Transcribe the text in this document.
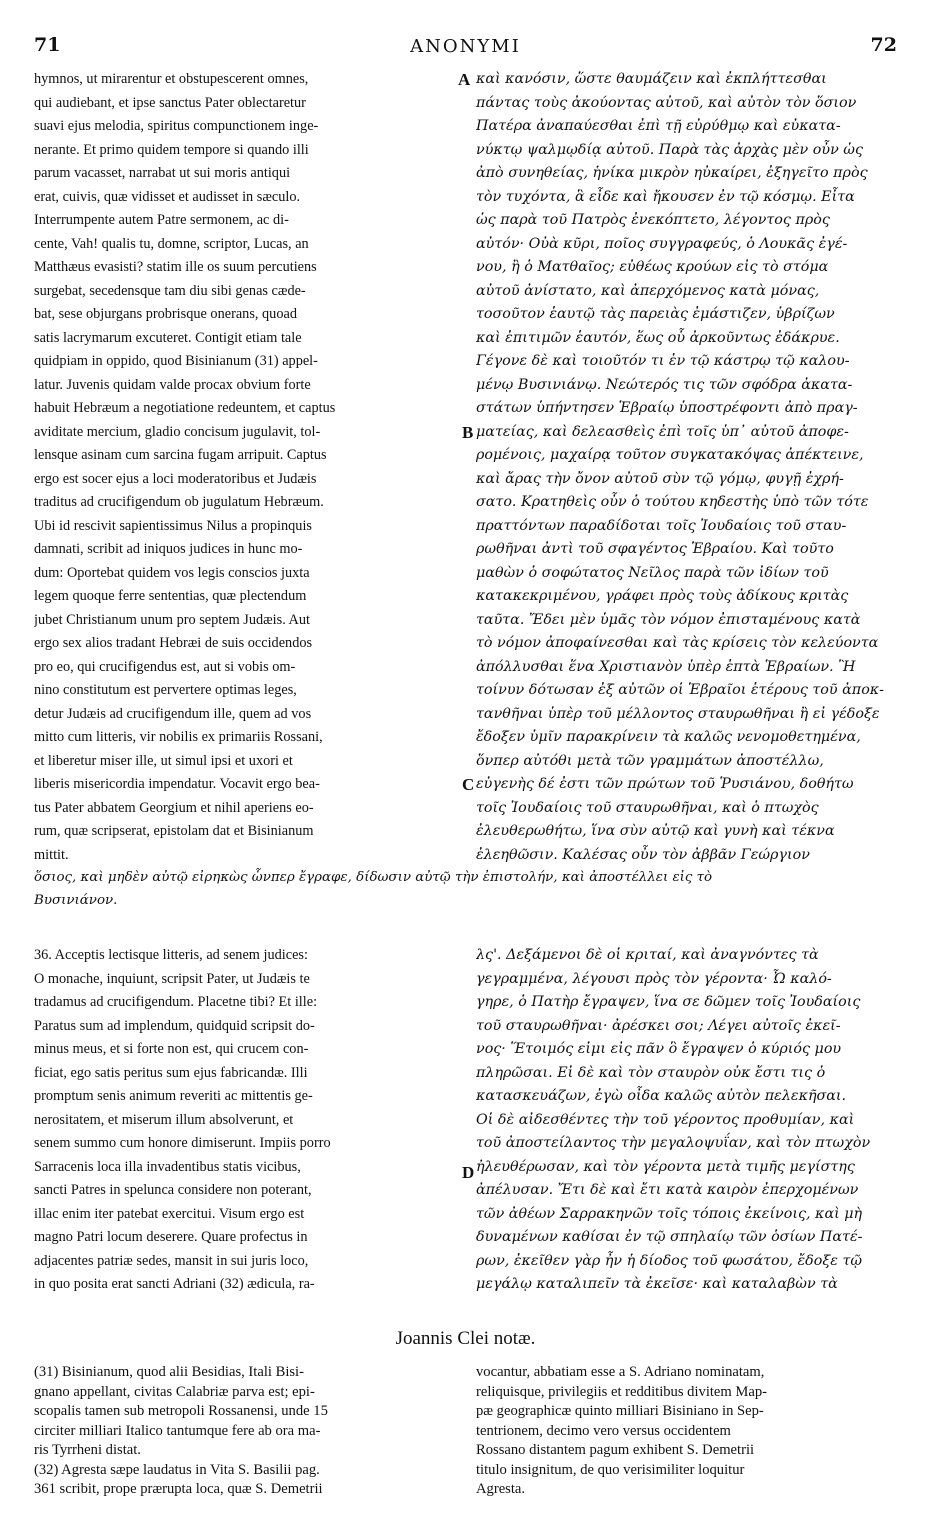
71	ANONYMI	72
hymnos, ut mirarentur et obstupescerent omnes,
qui audiebant, et ipse sanctus Pater oblectaretur
suavi ejus melodia, spiritus compunctionem inge-
nerante. Et primo quidem tempore si quando illi
parum vacasset, narrabat ut sui moris antiqui
erat, cuivis, quæ vidisset et audisset in sæculo.
Interrumpente autem Patre sermonem, ac di-
cente, Vah! qualis tu, domne, scriptor, Lucas, an
Matthæus evasisti? statim ille os suum percutiens
surgebat, secedensque tam diu sibi genas cæde-
bat, sese objurgans probrisque onerans, quoad
satis lacrymarum excuteret. Contigit etiam tale
quidpiam in oppido, quod Bisinianum (31) appel-
latur. Juvenis quidam valde procax obvium forte
habuit Hebræum a negotiatione redeuntem, et captus
aviditate mercium, gladio concisum jugulavit, tol-
lensque asinam cum sarcina fugam arripuit. Captus
ergo est socer ejus a loci moderatoribus et Judæis
traditus ad crucifigendum ob jugulatum Hebræum.
Ubi id rescivit sapientissimus Nilus a propinquis
damnati, scribit ad iniquos judices in hunc mo-
dum: Oportebat quidem vos legis conscios juxta
legem quoque ferre sententias, quæ plectendum
jubet Christianum unum pro septem Judæis. Aut
ergo sex alios tradant Hebræi de suis occidendos
pro eo, qui crucifigendus est, aut si vobis om-
nino constitutum est pervertere optimas leges,
detur Judæis ad crucifigendum ille, quem ad vos
mitto cum litteris, vir nobilis ex primariis Rossani,
et liberetur miser ille, ut simul ipsi et uxori et
liberis misericordia impendatur. Vocavit ergo bea-
tus Pater abbatem Georgium et nihil aperiens eo-
rum, quæ scripserat, epistolam dat et Bisinianum
mittit.
καὶ κανόσιν, ὥστε θαυμάζειν καὶ ἐκπλήττεσθαι
πάντας τοὺς ἀκούοντας αὐτοῦ, καὶ αὐτὸν τὸν ὅσιον
Πατέρα ἀναπαύεσθαι ἐπὶ τῇ εὐρύθμῳ καὶ εὐκατα-
νύκτῳ ψαλμῳδίᾳ αὐτοῦ. Παρὰ τὰς ἀρχὰς μὲν οὖν ὡς
ἀπὸ συνηθείας, ἡνίκα μικρὸν ηὐκαίρει, ἐξηγεῖτο πρὸς
τὸν τυχόντα, ἃ εἶδε καὶ ἤκουσεν ἐν τῷ κόσμῳ. Εἶτα
ὡς παρὰ τοῦ Πατρὸς ἐνεκόπτετο, λέγοντος πρὸς
αὐτόν· Οὐὰ κῦρι, ποῖος συγγραφεύς, ὁ Λουκᾶς ἐγέ-
νου, ἢ ὁ Ματθαῖος; εὐθέως κρούων εἰς τὸ στόμα
αὐτοῦ ἀνίστατο, καὶ ἀπερχόμενος κατὰ μόνας,
τοσοῦτον ἑαυτῷ τὰς παρειὰς ἐμάστιζεν, ὑβρίζων
καὶ ἐπιτιμῶν ἑαυτόν, ἕως οὗ ἀρκοῦντως ἐδάκρυε.
Γέγονε δὲ καὶ τοιοῦτόν τι ἐν τῷ κάστρῳ τῷ καλου-
μένῳ Βυσινιάνῳ. Νεώτερός τις τῶν σφόδρα ἀκατα-
στάτων ὑπήντησεν Ἑβραίῳ ὑποστρέφοντι ἀπὸ πραγ-
ματείας, καὶ δελεασθεὶς ἐπὶ τοῖς ὑπ᾽ αὐτοῦ ἀποφε-
ρομένοις, μαχαίρᾳ τοῦτον συγκατακόψας ἀπέκτεινε,
καὶ ἄρας τὴν ὄνον αὐτοῦ σὺν τῷ γόμῳ, φυγῇ ἐχρή-
σατο. Κρατηθεὶς οὖν ὁ τούτου κηδεστὴς ὑπὸ τῶν τότε
πραττόντων παραδίδοται τοῖς Ἰουδαίοις τοῦ σταυ-
ρωθῆναι ἀντὶ τοῦ σφαγέντος Ἑβραίου. Καὶ τοῦτο
μαθὼν ὁ σοφώτατος Νεῖλος παρὰ τῶν ἰδίων τοῦ
κατακεκριμένου, γράφει πρὸς τοὺς ἀδίκους κριτὰς
ταῦτα. Ἔδει μὲν ὑμᾶς τὸν νόμον ἐπισταμένους κατὰ
τὸ νόμον ἀποφαίνεσθαι καὶ τὰς κρίσεις τὸν κελεύοντα
ἀπόλλυσθαι ἕνα Χριστιανὸν ὑπὲρ ἑπτὰ Ἑβραίων. Ἢ
τοίνυν δότωσαν ἐξ αὐτῶν οἱ Ἑβραῖοι ἑτέρους τοῦ ἀποκ-
τανθῆναι ὑπὲρ τοῦ μέλλοντος σταυρωθῆναι ἢ εἰ γέδοξε
ἔδοξεν ὑμῖν παρακρίνειν τὰ καλῶς νενομοθετημένα,
ὅνπερ αὐτόθι μετὰ τῶν γραμμάτων ἀποστέλλω,
εὐγενὴς δέ ἐστι τῶν πρώτων τοῦ Ῥυσιάνου, δοθήτω
τοῖς Ἰουδαίοις τοῦ σταυρωθῆναι, καὶ ὁ πτωχὸς
ἐλευθερωθήτω, ἵνα σὺν αὐτῷ καὶ γυνὴ καὶ τέκνα
ἐλεηθῶσιν. Καλέσας οὖν τὸν ἀββᾶν Γεώργιον
A
B
C
D
ὅσιος, καὶ μηδὲν αὐτῷ εἰρηκὼς ὧνπερ ἔγραφε, δίδωσιν αὐτῷ τὴν ἐπιστολήν, καὶ ἀποστέλλει εἰς τὸ
Βυσινιάνον.
36. Acceptis lectisque litteris, ad senem judices:
O monache, inquiunt, scripsit Pater, ut Judæis te
tradamus ad crucifigendum. Placetne tibi? Et ille:
Paratus sum ad implendum, quidquid scripsit do-
minus meus, et si forte non est, qui crucem con-
ficiat, ego satis peritus sum ejus fabricandæ. Illi
promptum senis animum reveriti ac mittentis ge-
nerositatem, et miserum illum absolverunt, et
senem summo cum honore dimiserunt. Impiis porro
Sarracenis loca illa invadentibus statis vicibus,
sancti Patres in spelunca considere non poterant,
illac enim iter patebat exercitui. Visum ergo est
magno Patri locum deserere. Quare profectus in
adjacentes patriæ sedes, mansit in sui juris loco,
in quo posita erat sancti Adriani (32) ædicula, ra-
λς'. Δεξάμενοι δὲ οἱ κριταί, καὶ ἀναγνόντες τὰ
γεγραμμένα, λέγουσι πρὸς τὸν γέροντα· Ὦ καλό-
γηρε, ὁ Πατὴρ ἔγραψεν, ἵνα σε δῶμεν τοῖς Ἰουδαίοις
τοῦ σταυρωθῆναι· ἀρέσκει σοι; Λέγει αὐτοῖς ἐκεῖ-
νος· Ἕτοιμός εἰμι εἰς πᾶν ὃ ἔγραψεν ὁ κύριός μου
πληρῶσαι. Εἰ δὲ καὶ τὸν σταυρὸν οὐκ ἔστι τις ὁ
κατασκευάζων, ἐγὼ οἶδα καλῶς αὐτὸν πελεκῆσαι.
Οἱ δὲ αἰδεσθέντες τὴν τοῦ γέροντος προθυμίαν, καὶ
τοῦ ἀποστείλαντος τὴν μεγαλοψυΐαν, καὶ τὸν πτωχὸν
ἠλευθέρωσαν, καὶ τὸν γέροντα μετὰ τιμῆς μεγίστης
ἀπέλυσαν. Ἔτι δὲ καὶ ἔτι κατὰ καιρὸν ἐπερχομένων
τῶν ἀθέων Σαρρακηνῶν τοῖς τόποις ἐκείνοις, καὶ μὴ
δυναμένων καθίσαι ἐν τῷ σπηλαίῳ τῶν ὁσίων Πατέ-
ρων, ἐκεῖθεν γὰρ ἦν ἡ δίοδος τοῦ φωσάτου, ἔδοξε τῷ
μεγάλῳ καταλιπεῖν τὰ ἐκεῖσε· καὶ καταλαβὼν τὰ
Joannis Clei notæ.
(31) Bisinianum, quod alii Besidias, Itali Bisi-
gnano appellant, civitas Calabriæ parva est; epi-
scopalis tamen sub metropoli Rossanensi, unde 15
circiter milliari Italico tantumque fere ab ora ma-
ris Tyrrheni distat.
(32) Agresta sæpe laudatus in Vita S. Basilii pag.
361 scribit, prope prærupta loca, quæ S. Demetrii
vocantur, abbatiam esse a S. Adriano nominatam,
reliquisque, privilegiis et redditibus divitem Map-
pæ geographicæ quinto milliari Bisiniano in Sep-
tentrionem, decimo vero versus occidentem
Rossano distantem pagum exhibent S. Demetrii
titulo insignitum, de quo verisimiliter loquitur
Agresta.
